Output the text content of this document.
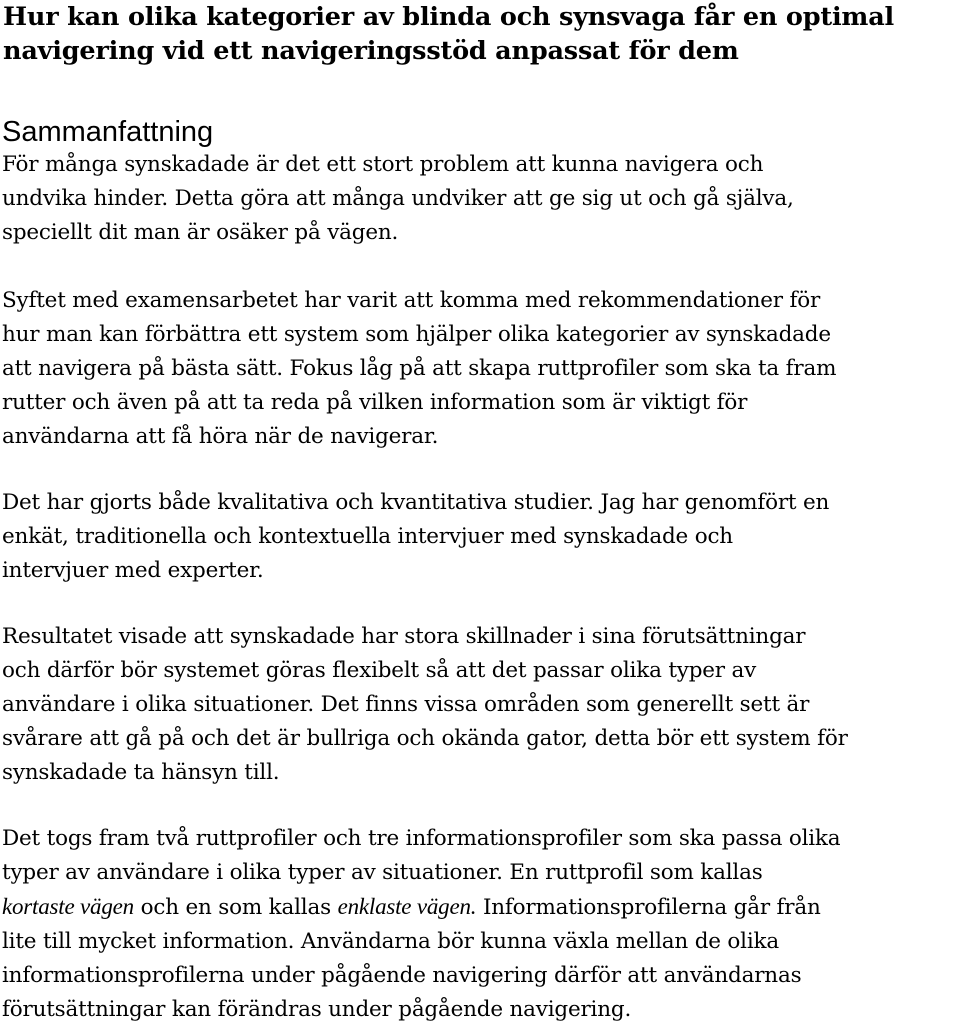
Hur kan olika kategorier av blinda och synsvaga får en optimal
navigering vid ett navigeringsstöd anpassat för dem
Sammanfattning

För många synskadade är det ett stort problem att kunna navigera och
undvika hinder. Detta göra att många undviker att ge sig ut och gå själva,
speciellt dit man är osäker på vägen.

Syftet med examensarbetet har varit att komma med rekommendationer för
hur man kan förbättra ett system som hjälper olika kategorier av synskadade
att navigera på bästa sätt. Fokus låg på att skapa ruttprofiler som ska ta fram
rutter och även på att ta reda på vilken information som är viktigt för
användarna att få höra när de navigerar.

Det har gjorts både kvalitativa och kvantitativa studier. Jag har genomfört en
enkät, traditionella och kontextuella intervjuer med synskadade och
intervjuer med experter.

Resultatet visade att synskadade har stora skillnader i sina förutsättningar
och därför bör systemet göras flexibelt så att det passar olika typer av
användare i olika situationer. Det finns vissa områden som generellt sett är
svårare att gå på och det är bullriga och okända gator, detta bör ett system för
synskadade ta hänsyn till.

Det togs fram två ruttprofiler och tre informationsprofiler som ska passa olika
typer av användare i olika typer av situationer. En ruttprofil som kallas
kortaste vägen och en som kallas enklaste vägen. Informationsprofilerna går från
lite till mycket information. Användarna bör kunna växla mellan de olika
informationsprofilerna under pågående navigering därför att användarnas
förutsättningar kan förändras under pågående navigering.
